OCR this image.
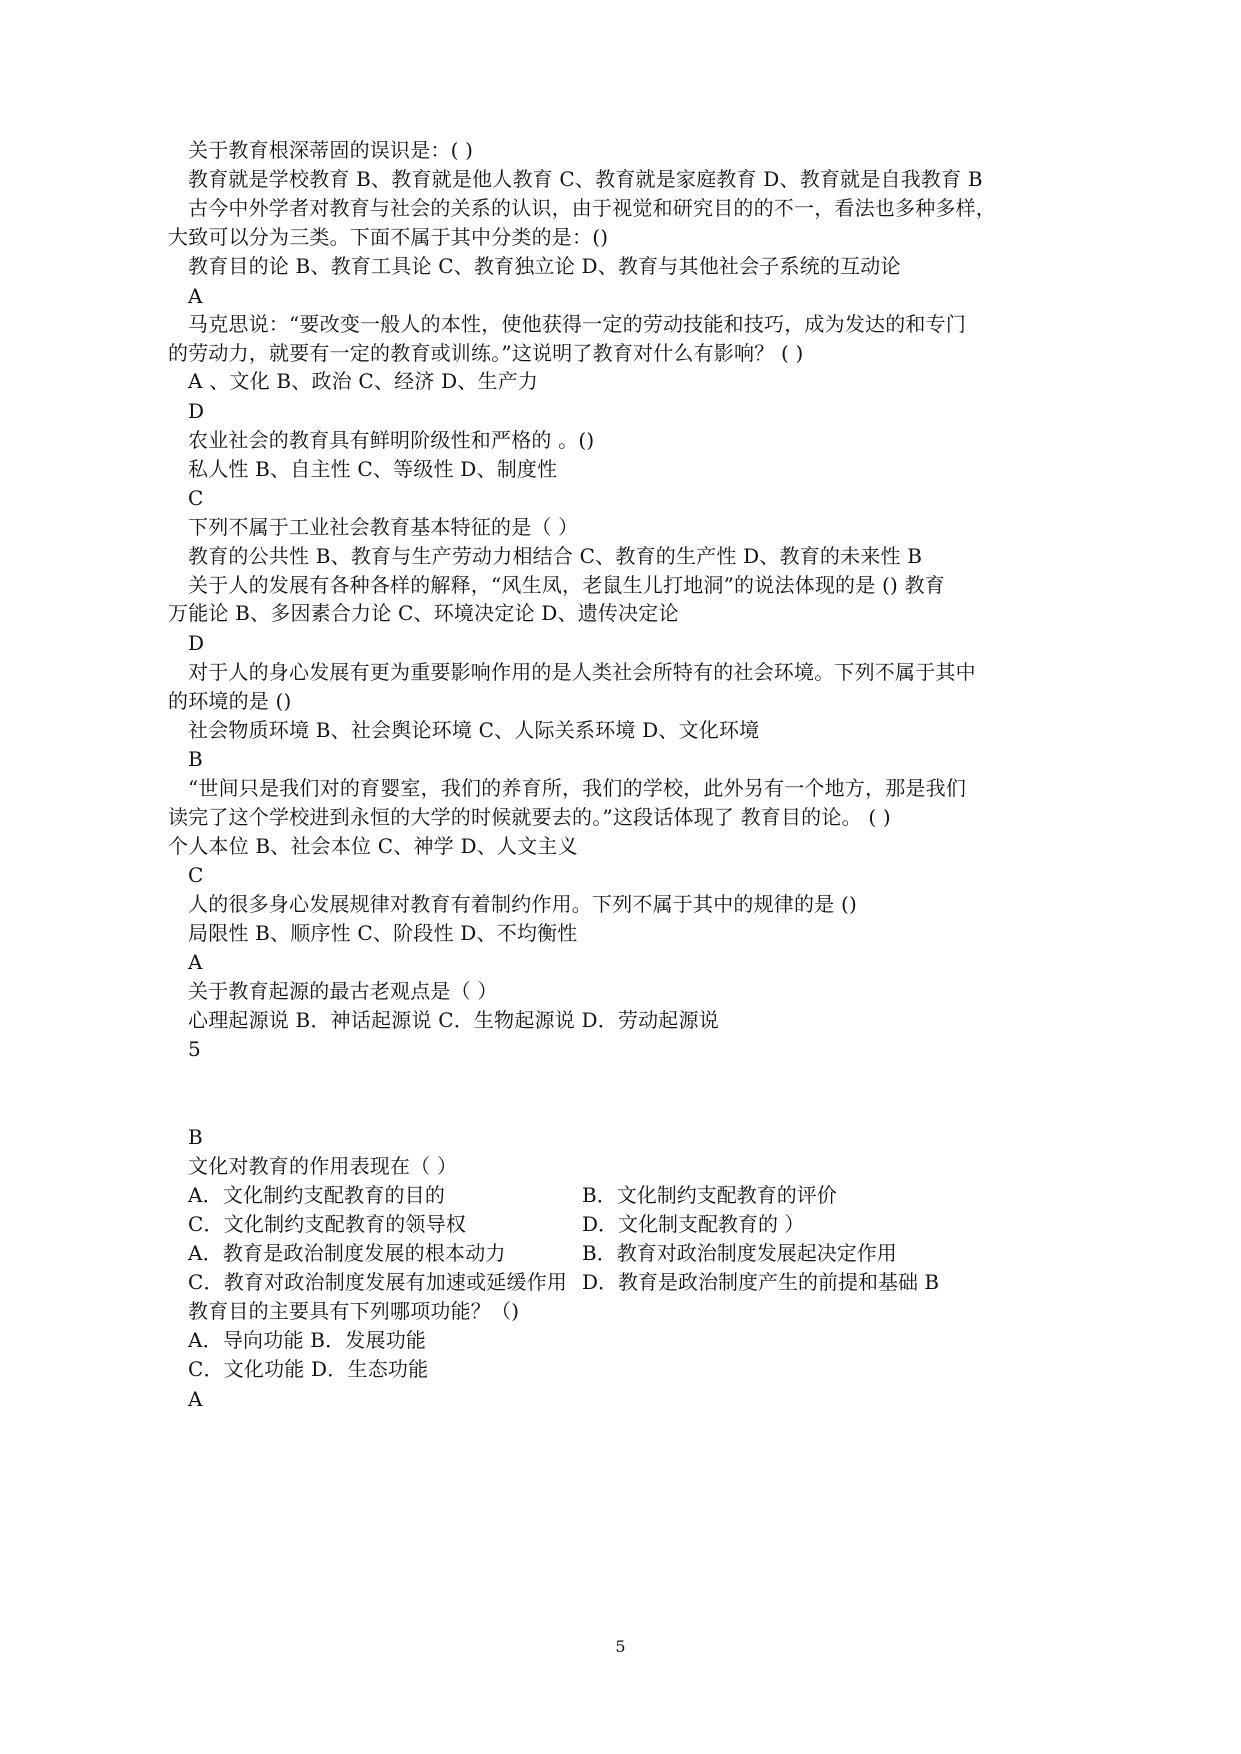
关于教育根深蒂固的误识是：( )
教育就是学校教育 B、教育就是他人教育 C、教育就是家庭教育 D、教育就是自我教育 B
古今中外学者对教育与社会的关系的认识，由于视觉和研究目的的不一，看法也多种多样，
大致可以分为三类。下面不属于其中分类的是：()
教育目的论 B、教育工具论 C、教育独立论 D、教育与其他社会子系统的互动论
A
马克思说：“要改变一般人的本性，使他获得一定的劳动技能和技巧，成为发达的和专门
的劳动力，就要有一定的教育或训练。”这说明了教育对什么有影响？ ( )
A 、文化 B、政治 C、经济 D、生产力
D
农业社会的教育具有鲜明阶级性和严格的 。()
私人性 B、自主性 C、等级性 D、制度性
C
下列不属于工业社会教育基本特征的是（ ）
教育的公共性 B、教育与生产劳动力相结合 C、教育的生产性 D、教育的未来性 B
关于人的发展有各种各样的解释，“风生凤，老鼠生儿打地洞”的说法体现的是 () 教育
万能论 B、多因素合力论 C、环境决定论 D、遗传决定论
D
对于人的身心发展有更为重要影响作用的是人类社会所特有的社会环境。下列不属于其中
的环境的是 ()
社会物质环境 B、社会舆论环境 C、人际关系环境 D、文化环境
B
“世间只是我们对的育婴室，我们的养育所，我们的学校，此外另有一个地方，那是我们
读完了这个学校进到永恒的大学的时候就要去的。”这段话体现了 教育目的论。 ( )
个人本位 B、社会本位 C、神学 D、人文主义
C
人的很多身心发展规律对教育有着制约作用。下列不属于其中的规律的是 ()
局限性 B、顺序性 C、阶段性 D、不均衡性
A
关于教育起源的最古老观点是（ ）
心理起源说 B．神话起源说 C．生物起源说 D．劳动起源说
5
B
文化对教育的作用表现在（ ）
A．文化制约支配教育的目的	B．文化制约支配教育的评价
C．文化制约支配教育的领导权	D．文化制支配教育的 ）
A．教育是政治制度发展的根本动力	B．教育对政治制度发展起决定作用
C．教育对政治制度发展有加速或延缓作用 D．教育是政治制度产生的前提和基础 B
教育目的主要具有下列哪项功能？（)
A．导向功能 B．发展功能
C．文化功能 D．生态功能
A
5
